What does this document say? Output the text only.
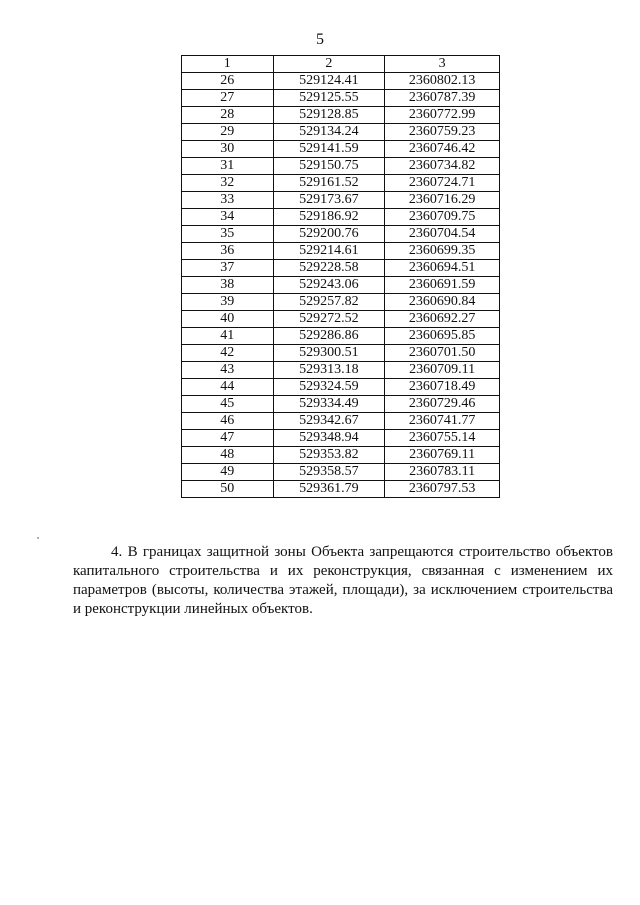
5
1	2	3
26	529124.41	2360802.13
27	529125.55	2360787.39
28	529128.85	2360772.99
29	529134.24	2360759.23
30	529141.59	2360746.42
31	529150.75	2360734.82
32	529161.52	2360724.71
33	529173.67	2360716.29
34	529186.92	2360709.75
35	529200.76	2360704.54
36	529214.61	2360699.35
37	529228.58	2360694.51
38	529243.06	2360691.59
39	529257.82	2360690.84
40	529272.52	2360692.27
41	529286.86	2360695.85
42	529300.51	2360701.50
43	529313.18	2360709.11
44	529324.59	2360718.49
45	529334.49	2360729.46
46	529342.67	2360741.77
47	529348.94	2360755.14
48	529353.82	2360769.11
49	529358.57	2360783.11
50	529361.79	2360797.53

4. В границах защитной зоны Объекта запрещаются строительство объектов капитального строительства и их реконструкция, связанная с изменением их параметров (высоты, количества этажей, площади), за исключением строительства и реконструкции линейных объектов.
